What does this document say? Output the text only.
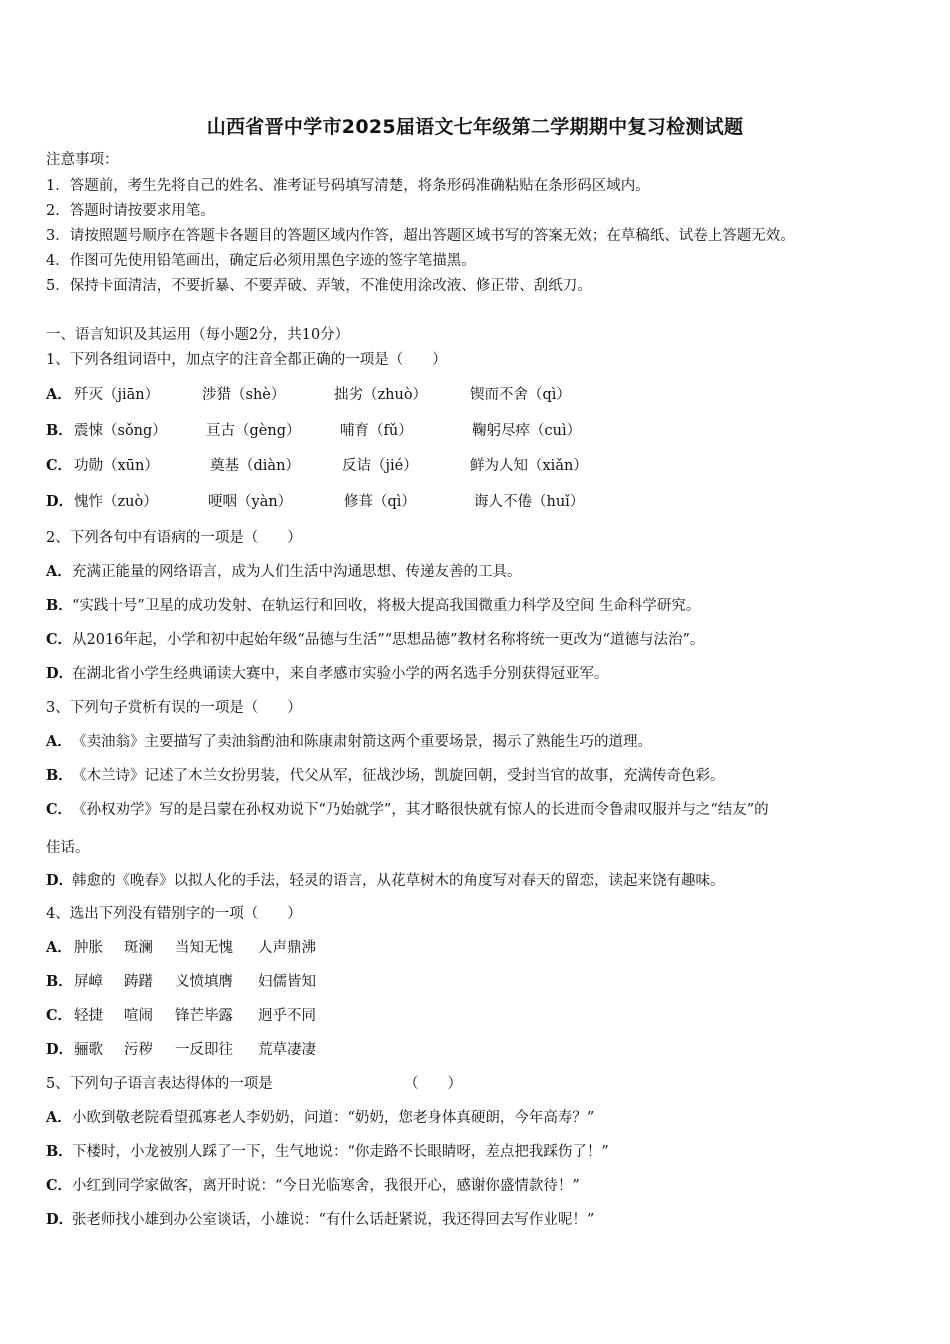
山西省晋中学市2025届语文七年级第二学期期中复习检测试题
注意事项：
1．答题前，考生先将自己的姓名、准考证号码填写清楚，将条形码准确粘贴在条形码区域内。
2．答题时请按要求用笔。
3．请按照题号顺序在答题卡各题目的答题区域内作答，超出答题区域书写的答案无效；在草稿纸、试卷上答题无效。
4．作图可先使用铅笔画出，确定后必须用黑色字迹的签字笔描黑。
5．保持卡面清洁，不要折暴、不要弄破、弄皱，不准使用涂改液、修正带、刮纸刀。
一、语言知识及其运用（每小题2分，共10分）
1、下列各组词语中，加点字的注音全都正确的一项是（　　）
A． 歼灭（jiān）	涉猎（shè）	拙劣（zhuò）	锲而不舍（qì）
B． 震悚（sǒng）	亘古（gèng）	哺育（fǔ）	鞠躬尽瘁（cuì）
C． 功勋（xūn）	奠基（diàn）	反诘（jié）	鲜为人知（xiǎn）
D． 愧怍（zuò）	哽咽（yàn）	修葺（qì）	诲人不倦（huǐ）
2、下列各句中有语病的一项是（　　）
A．充满正能量的网络语言，成为人们生活中沟通思想、传递友善的工具。
B．“实践十号”卫星的成功发射、在轨运行和回收，将极大提高我国微重力科学及空间 生命科学研究。
C．从2016年起，小学和初中起始年级“品德与生活”“思想品德”教材名称将统一更改为“道德与法治”。
D．在湖北省小学生经典诵读大赛中，来自孝感市实验小学的两名选手分别获得冠亚军。
3、下列句子赏析有误的一项是（　　）
A．《卖油翁》主要描写了卖油翁酌油和陈康肃射箭这两个重要场景，揭示了熟能生巧的道理。
B．《木兰诗》记述了木兰女扮男装，代父从军，征战沙场，凯旋回朝，受封当官的故事，充满传奇色彩。
C．《孙权劝学》写的是吕蒙在孙权劝说下“乃始就学”，其才略很快就有惊人的长进而令鲁肃叹服并与之“结友”的
佳话。
D．韩愈的《晚春》以拟人化的手法，轻灵的语言，从花草树木的角度写对春天的留恋，读起来饶有趣味。
4、选出下列没有错别字的一项（　　）
A． 肿胀 斑澜 当知无愧 人声鼎沸
B． 屏嶂 踌躇 义愤填膺 妇儒皆知
C． 轻捷 喧闹 锋芒毕露 迥乎不同
D． 骊歌 污秽 一反即往 荒草凄凄
5、下列句子语言表达得体的一项是	（　　）
A．小欧到敬老院看望孤寡老人李奶奶，问道：“奶奶，您老身体真硬朗，今年高寿？”
B．下楼时，小龙被别人踩了一下，生气地说：“你走路不长眼睛呀，差点把我踩伤了！”
C．小红到同学家做客，离开时说：“今日光临寒舍，我很开心，感谢你盛情款待！”
D．张老师找小雄到办公室谈话，小雄说：“有什么话赶紧说，我还得回去写作业呢！”
